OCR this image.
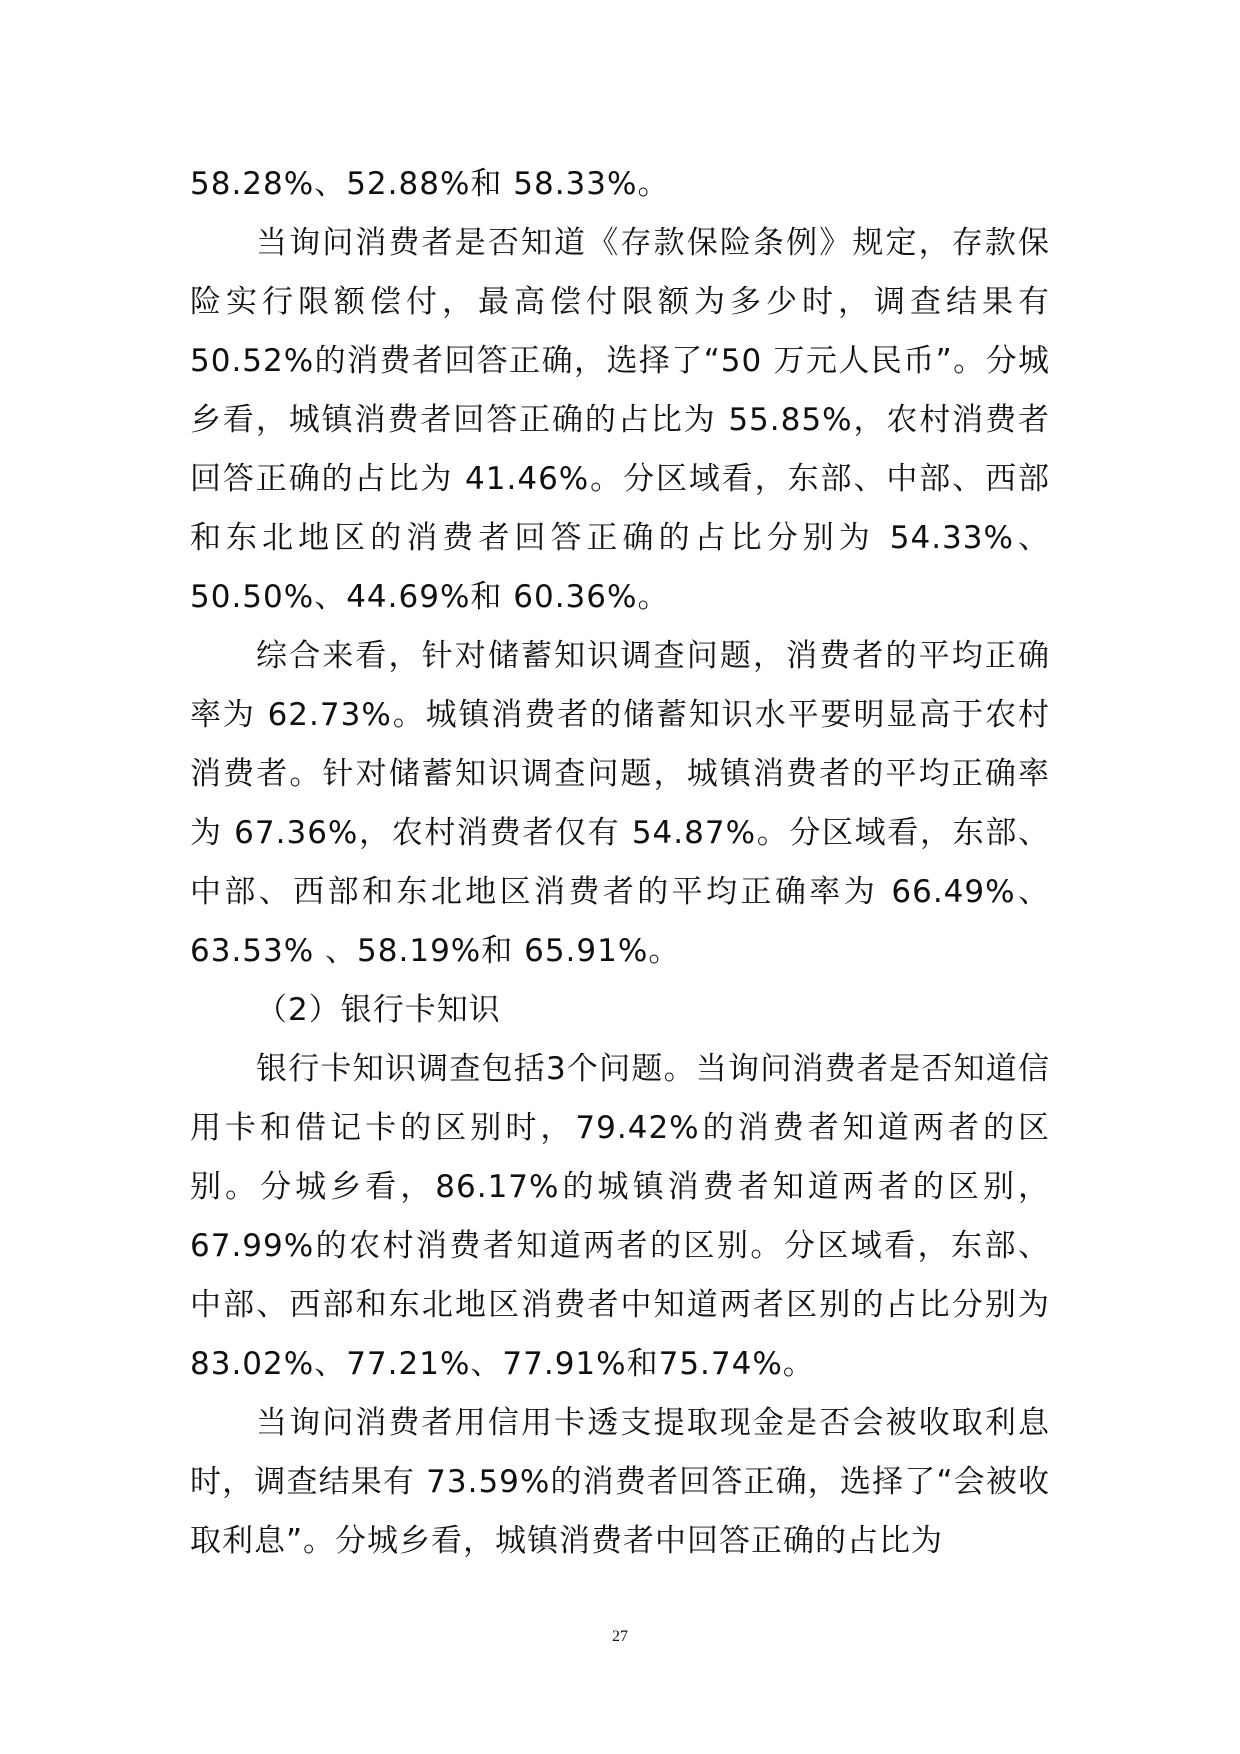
58.28%、52.88%和 58.33%。

当询问消费者是否知道《存款保险条例》规定，存款保险实行限额偿付，最高偿付限额为多少时，调查结果有 50.52%的消费者回答正确，选择了“50 万元人民币”。分城乡看，城镇消费者回答正确的占比为 55.85%，农村消费者回答正确的占比为 41.46%。分区域看，东部、中部、西部和东北地区的消费者回答正确的占比分别为 54.33%、50.50%、44.69%和 60.36%。

综合来看，针对储蓄知识调查问题，消费者的平均正确率为 62.73%。城镇消费者的储蓄知识水平要明显高于农村消费者。针对储蓄知识调查问题，城镇消费者的平均正确率为 67.36%，农村消费者仅有 54.87%。分区域看，东部、中部、西部和东北地区消费者的平均正确率为 66.49%、63.53% 、58.19%和 65.91%。

（2）银行卡知识

银行卡知识调查包括3个问题。当询问消费者是否知道信用卡和借记卡的区别时，79.42%的消费者知道两者的区别。分城乡看，86.17%的城镇消费者知道两者的区别，67.99%的农村消费者知道两者的区别。分区域看，东部、中部、西部和东北地区消费者中知道两者区别的占比分别为83.02%、77.21%、77.91%和75.74%。

当询问消费者用信用卡透支提取现金是否会被收取利息时，调查结果有 73.59%的消费者回答正确，选择了“会被收取利息”。分城乡看，城镇消费者中回答正确的占比为

27
